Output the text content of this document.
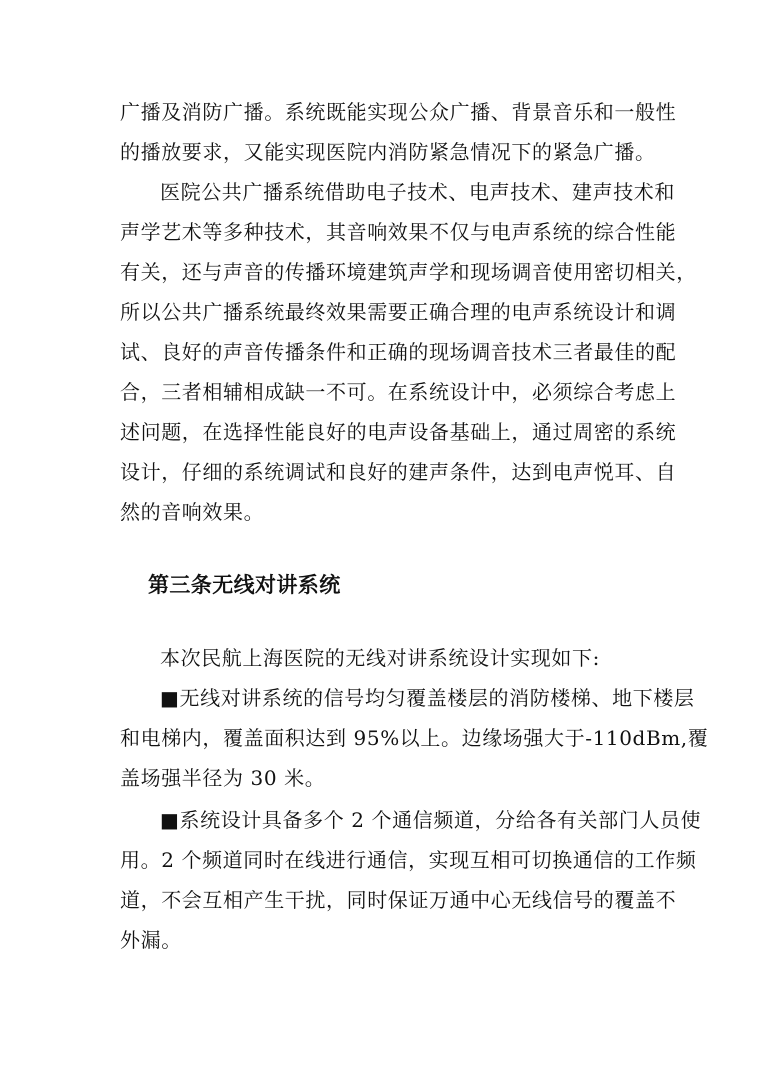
广播及消防广播。系统既能实现公众广播、背景音乐和一般性
的播放要求，又能实现医院内消防紧急情况下的紧急广播。
医院公共广播系统借助电子技术、电声技术、建声技术和
声学艺术等多种技术，其音响效果不仅与电声系统的综合性能
有关，还与声音的传播环境建筑声学和现场调音使用密切相关，
所以公共广播系统最终效果需要正确合理的电声系统设计和调
试、良好的声音传播条件和正确的现场调音技术三者最佳的配
合，三者相辅相成缺一不可。在系统设计中，必须综合考虑上
述问题，在选择性能良好的电声设备基础上，通过周密的系统
设计，仔细的系统调试和良好的建声条件，达到电声悦耳、自
然的音响效果。
第三条无线对讲系统
本次民航上海医院的无线对讲系统设计实现如下:
■无线对讲系统的信号均匀覆盖楼层的消防楼梯、地下楼层
和电梯内，覆盖面积达到 95%以上。边缘场强大于-110dBm,覆
盖场强半径为 30 米。
■系统设计具备多个 2 个通信频道，分给各有关部门人员使
用。2 个频道同时在线进行通信，实现互相可切换通信的工作频
道，不会互相产生干扰，同时保证万通中心无线信号的覆盖不
外漏。
